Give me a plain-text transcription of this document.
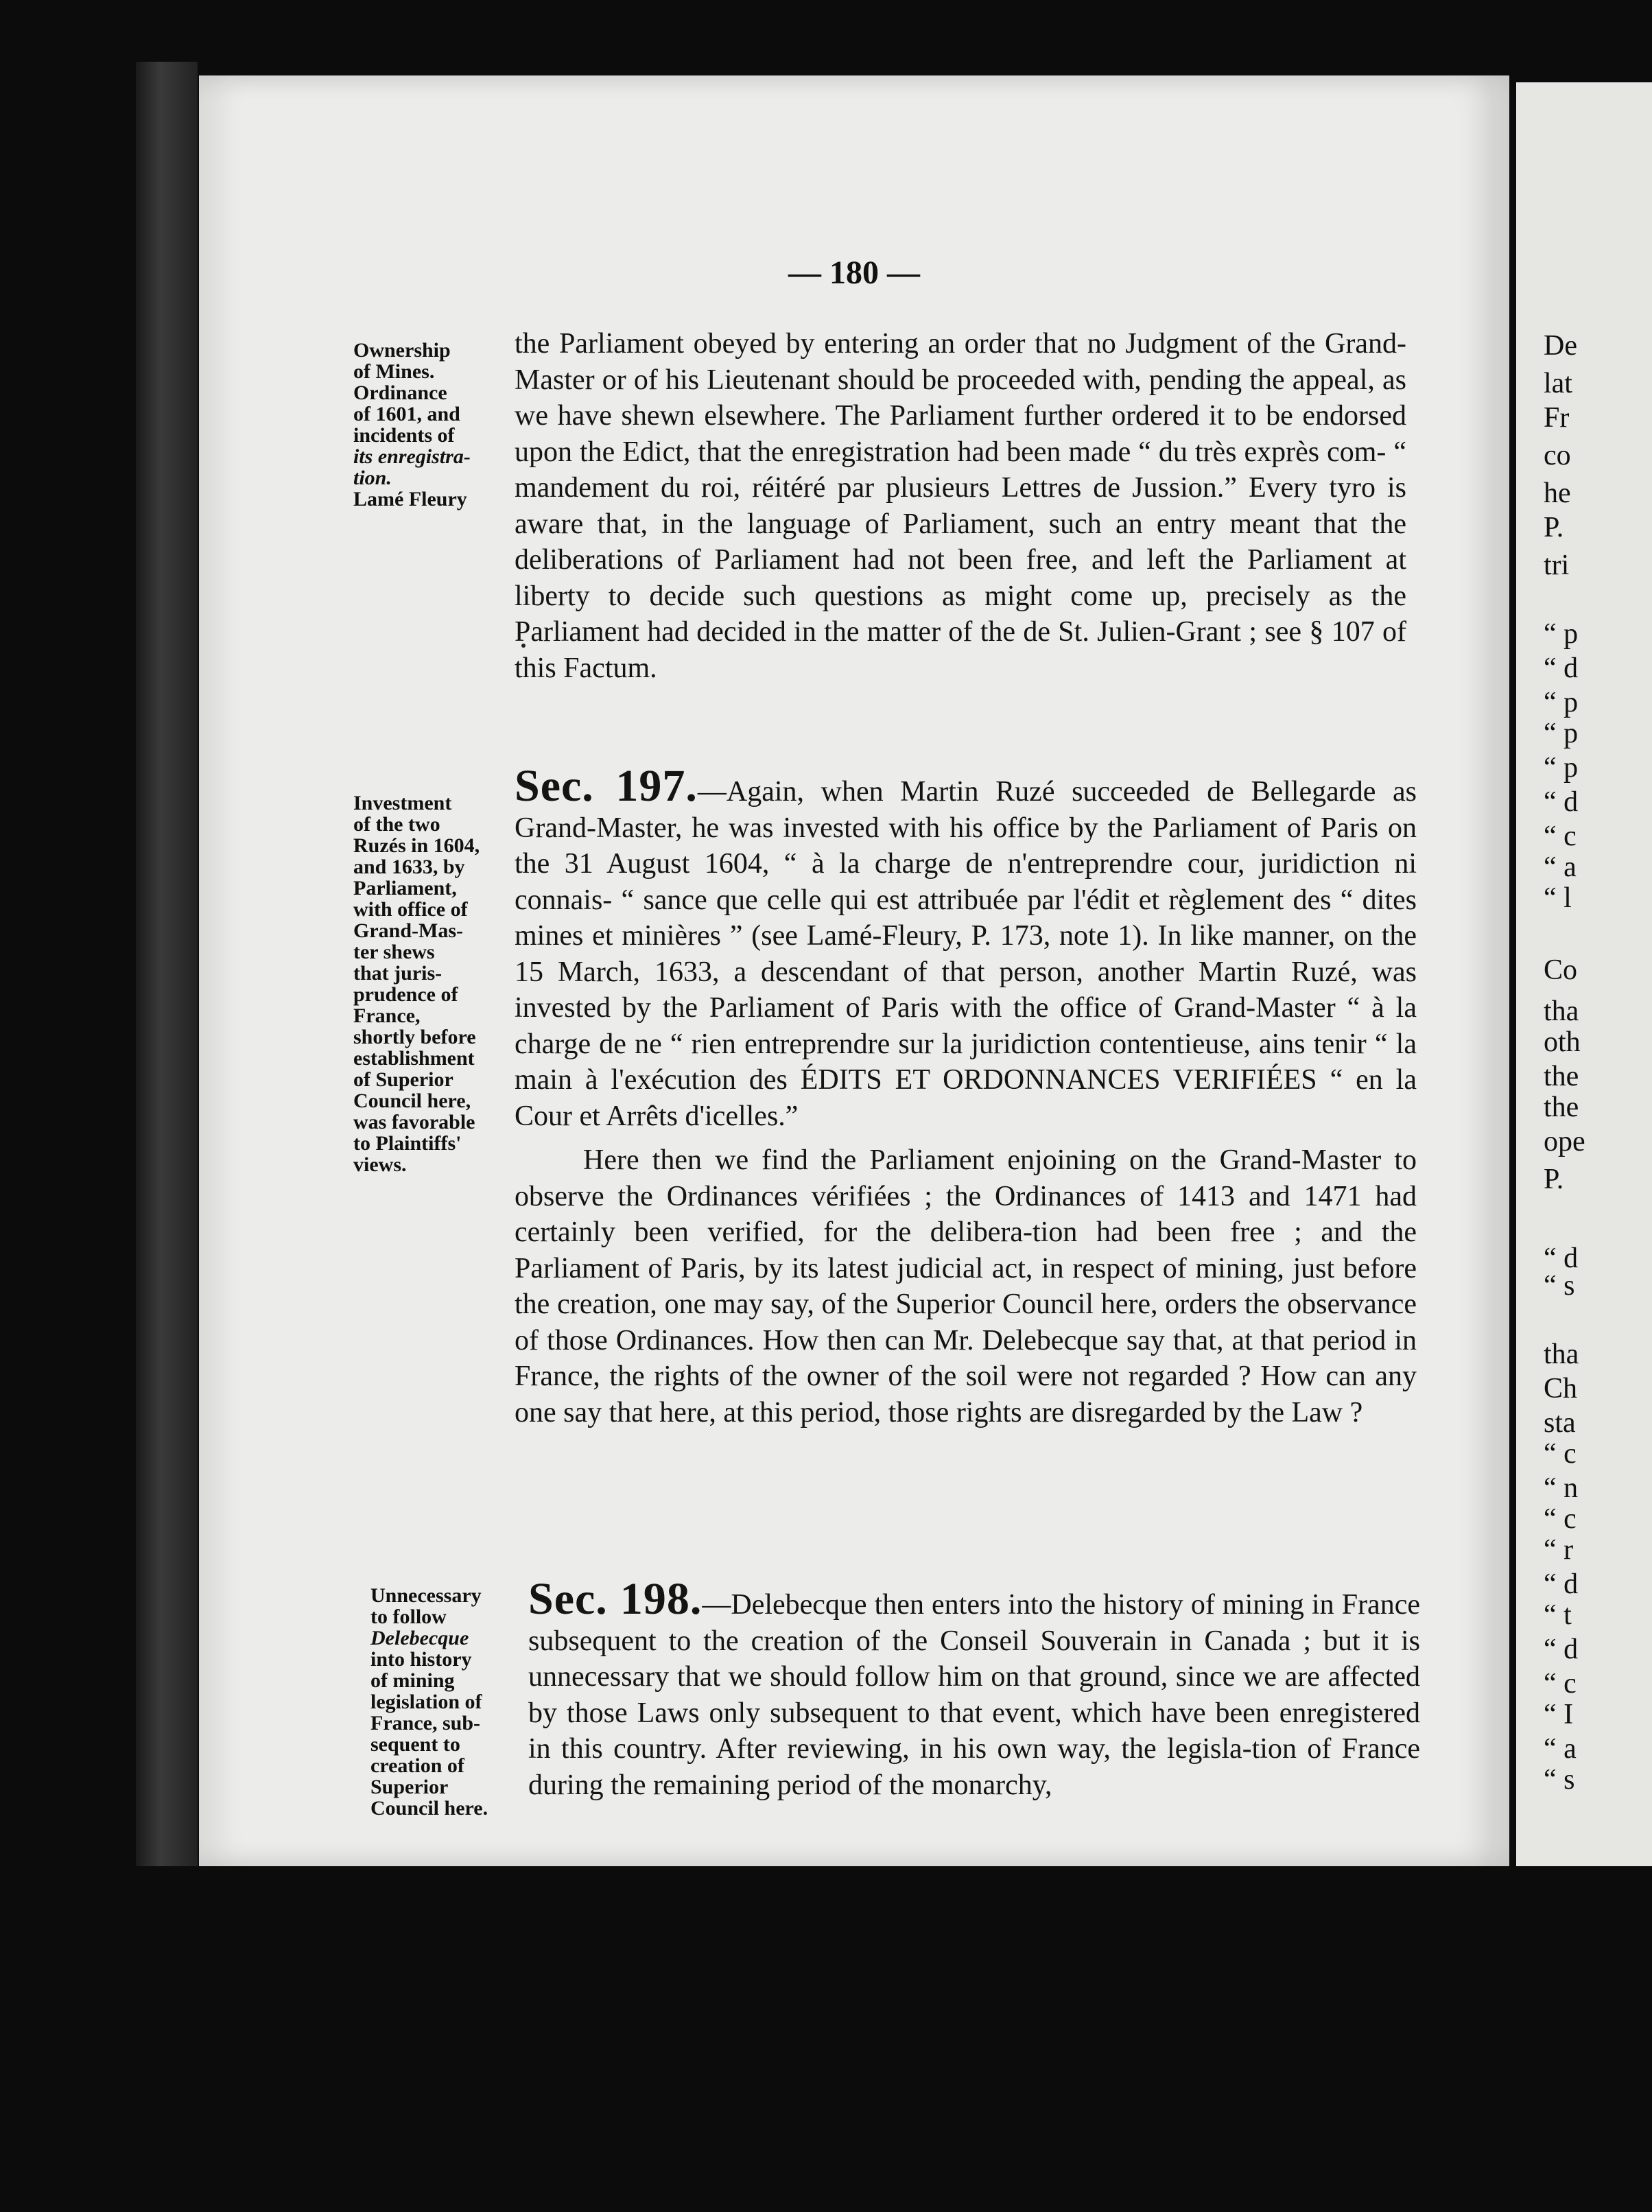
— 180 —
Ownership
of Mines.
Ordinance
of 1601, and
incidents of
its enregistra-
tion.
Lamé Fleury
Investment
of the two
Ruzés in 1604,
and 1633, by
Parliament,
with office of
Grand-Mas-
ter shews
that juris-
prudence of
France,
shortly before
establishment
of Superior
Council here,
was favorable
to Plaintiffs'
views.
Unnecessary
to follow
Delebecque
into history
of mining
legislation of
France, sub-
sequent to
creation of
Superior
Council here.

the Parliament obeyed by entering an order that no Judgment of the Grand-Master or of his Lieutenant should be proceeded with, pending the appeal, as we have shewn elsewhere. The Parliament further ordered it to be endorsed upon the Edict, that the enregistration had been made “ du très exprès com- “ mandement du roi, réitéré par plusieurs Lettres de Jussion.” Every tyro is aware that, in the language of Parliament, such an entry meant that the deliberations of Parliament had not been free, and left the Parliament at liberty to decide such questions as might come up, precisely as the Parliament had decided in the matter of the de St. Julien-Grant ; see § 107 of this Factum.

Sec. 197.—Again, when Martin Ruzé succeeded de Bellegarde as Grand-Master, he was invested with his office by the Parliament of Paris on the 31 August 1604, “ à la charge de n'entreprendre cour, juridiction ni connais- “ sance que celle qui est attribuée par l'édit et règlement des “ dites mines et minières ” (see Lamé-Fleury, P. 173, note 1). In like manner, on the 15 March, 1633, a descendant of that person, another Martin Ruzé, was invested by the Parliament of Paris with the office of Grand-Master “ à la charge de ne “ rien entreprendre sur la juridiction contentieuse, ains tenir “ la main à l'exécution des ÉDITS ET ORDONNANCES VERIFIÉES “ en la Cour et Arrêts d'icelles.”

Here then we find the Parliament enjoining on the Grand-Master to observe the Ordinances vérifiées ; the Ordinances of 1413 and 1471 had certainly been verified, for the delibera-tion had been free ; and the Parliament of Paris, by its latest judicial act, in respect of mining, just before the creation, one may say, of the Superior Council here, orders the observance of those Ordinances. How then can Mr. Delebecque say that, at that period in France, the rights of the owner of the soil were not regarded ? How can any one say that here, at this period, those rights are disregarded by the Law ?

Sec. 198.—Delebecque then enters into the history of mining in France subsequent to the creation of the Conseil Souverain in Canada ; but it is unnecessary that we should follow him on that ground, since we are affected by those Laws only subsequent to that event, which have been enregistered in this country. After reviewing, in his own way, the legisla-tion of France during the remaining period of the monarchy,

De
lat
Fr
co
he
P.
tri
“ p
“ d
“ p
“ p
“ p
“ d
“ c
“ a
“ l
Co
tha
oth
the
the
ope
P.
“ d
“ s
tha
Ch
sta
“ c
“ n
“ c
“ r
“ d
“ t
“ d
“ c
“ I
“ a
“ s
